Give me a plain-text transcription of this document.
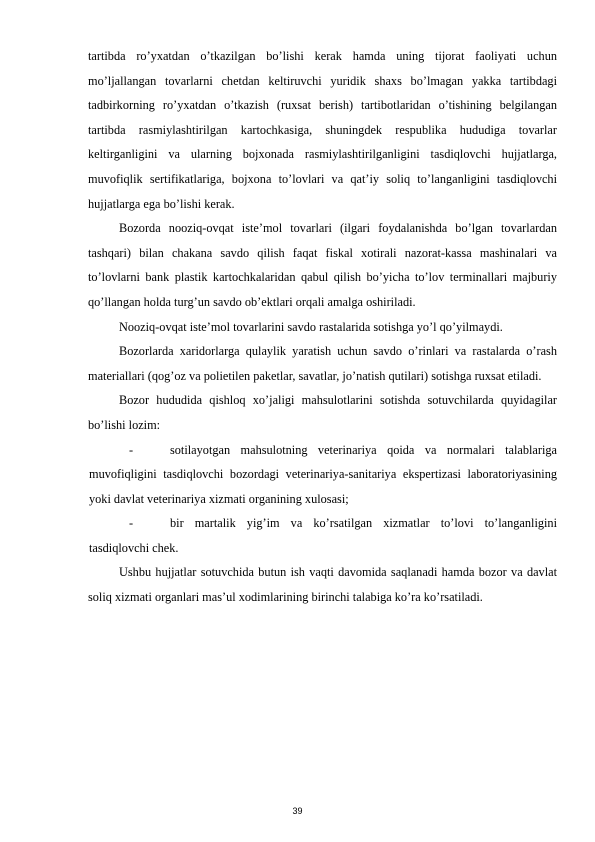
tartibda ro’yxatdan o’tkazilgan bo’lishi kerak hamda uning tijorat faoliyati uchun mo’ljallangan tovarlarni chetdan keltiruvchi yuridik shaxs bo’lmagan yakka tartibdagi tadbirkorning ro’yxatdan o’tkazish (ruxsat berish) tartibotlaridan o’tishining belgilangan tartibda rasmiylashtirilgan kartochkasiga, shuningdek respublika hududiga tovarlar keltirganligini va ularning bojxonada rasmiylashtirilganligini tasdiqlovchi hujjatlarga, muvofiqlik sertifikatlariga, bojxona to’lovlari va qat’iy soliq to’langanligini tasdiqlovchi hujjatlarga ega bo’lishi kerak.

Bozorda nooziq-ovqat iste’mol tovarlari (ilgari foydalanishda bo’lgan tovarlardan tashqari) bilan chakana savdo qilish faqat fiskal xotirali nazorat-kassa mashinalari va to’lovlarni bank plastik kartochkalaridan qabul qilish bo’yicha to’lov terminallari majburiy qo’llangan holda turg’un savdo ob’ektlari orqali amalga oshiriladi.

Nooziq-ovqat iste’mol tovarlarini savdo rastalarida sotishga yo’l qo’yilmaydi.

Bozorlarda xaridorlarga qulaylik yaratish uchun savdo o’rinlari va rastalarda o’rash materiallari (qog’oz va polietilen paketlar, savatlar, jo’natish qutilari) sotishga ruxsat etiladi.

Bozor hududida qishloq xo’jaligi mahsulotlarini sotishda sotuvchilarda quyidagilar bo’lishi lozim:

-	sotilayotgan mahsulotning veterinariya qoida va normalari talablariga muvofiqligini tasdiqlovchi bozordagi veterinariya-sanitariya ekspertizasi laboratoriyasining yoki davlat veterinariya xizmati organining xulosasi;

-	bir martalik yig’im va ko’rsatilgan xizmatlar to’lovi to’langanligini tasdiqlovchi chek.

Ushbu hujjatlar sotuvchida butun ish vaqti davomida saqlanadi hamda bozor va davlat soliq xizmati organlari mas’ul xodimlarining birinchi talabiga ko’ra ko’rsatiladi.

39
